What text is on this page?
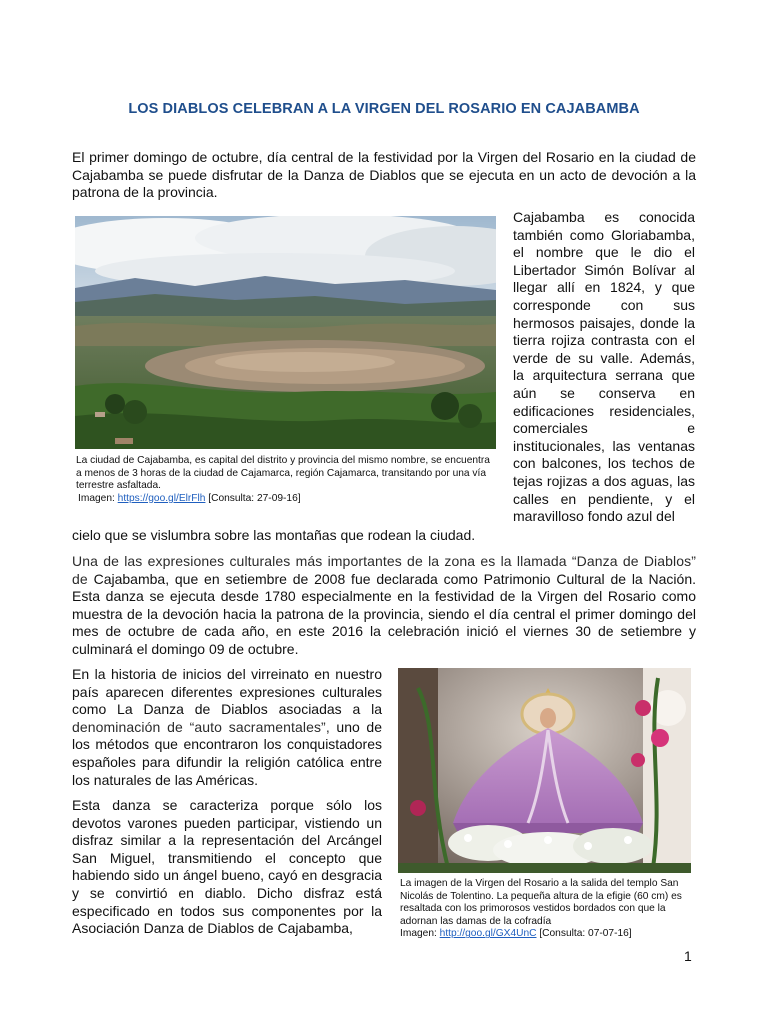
LOS DIABLOS CELEBRAN A LA VIRGEN DEL ROSARIO EN CAJABAMBA

El primer domingo de octubre, día central de la festividad por la Virgen del Rosario en la ciudad de Cajabamba se puede disfrutar de la Danza de Diablos que se ejecuta en un acto de devoción a la patrona de la provincia.

La ciudad de Cajabamba, es capital del distrito y provincia del mismo nombre, se encuentra a menos de 3 horas de la ciudad de Cajamarca, región Cajamarca, transitando por una vía terrestre asfaltada.
Imagen: https://goo.gl/ElrFlh [Consulta: 27-09-16]

Cajabamba es conocida también como Gloriabamba, el nombre que le dio el Libertador Simón Bolívar al llegar allí en 1824, y que corresponde con sus hermosos paisajes, donde la tierra rojiza contrasta con el verde de su valle. Además, la arquitectura serrana que aún se conserva en edificaciones residenciales, comerciales e institucionales, las ventanas con balcones, los techos de tejas rojizas a dos aguas, las calles en pendiente, y el maravilloso fondo azul del

cielo que se vislumbra sobre las montañas que rodean la ciudad.

Una de las expresiones culturales más importantes de la zona es la llamada “Danza de Diablos” de Cajabamba, que en setiembre de 2008 fue declarada como Patrimonio Cultural de la Nación. Esta danza se ejecuta desde 1780 especialmente en la festividad de la Virgen del Rosario como muestra de la devoción hacia la patrona de la provincia, siendo el día central el primer domingo del mes de octubre de cada año, en este 2016 la celebración inició el viernes 30 de setiembre y culminará el domingo 09 de octubre.

En la historia de inicios del virreinato en nuestro país aparecen diferentes expresiones culturales como La Danza de Diablos asociadas a la denominación de “auto sacramentales”, uno de los métodos que encontraron los conquistadores españoles para difundir la religión católica entre los naturales de las Américas.

Esta danza se caracteriza porque sólo los devotos varones pueden participar, vistiendo un disfraz similar a la representación del Arcángel San Miguel, transmitiendo el concepto que habiendo sido un ángel bueno, cayó en desgracia y se convirtió en diablo. Dicho disfraz está especificado en todos sus componentes por la Asociación Danza de Diablos de Cajabamba,

La imagen de la Virgen del Rosario a la salida del templo San Nicolás de Tolentino. La pequeña altura de la efigie (60 cm) es resaltada con los primorosos vestidos bordados con que la adornan las damas de la cofradía
Imagen: http://goo.gl/GX4UnC [Consulta: 07-07-16]
1
